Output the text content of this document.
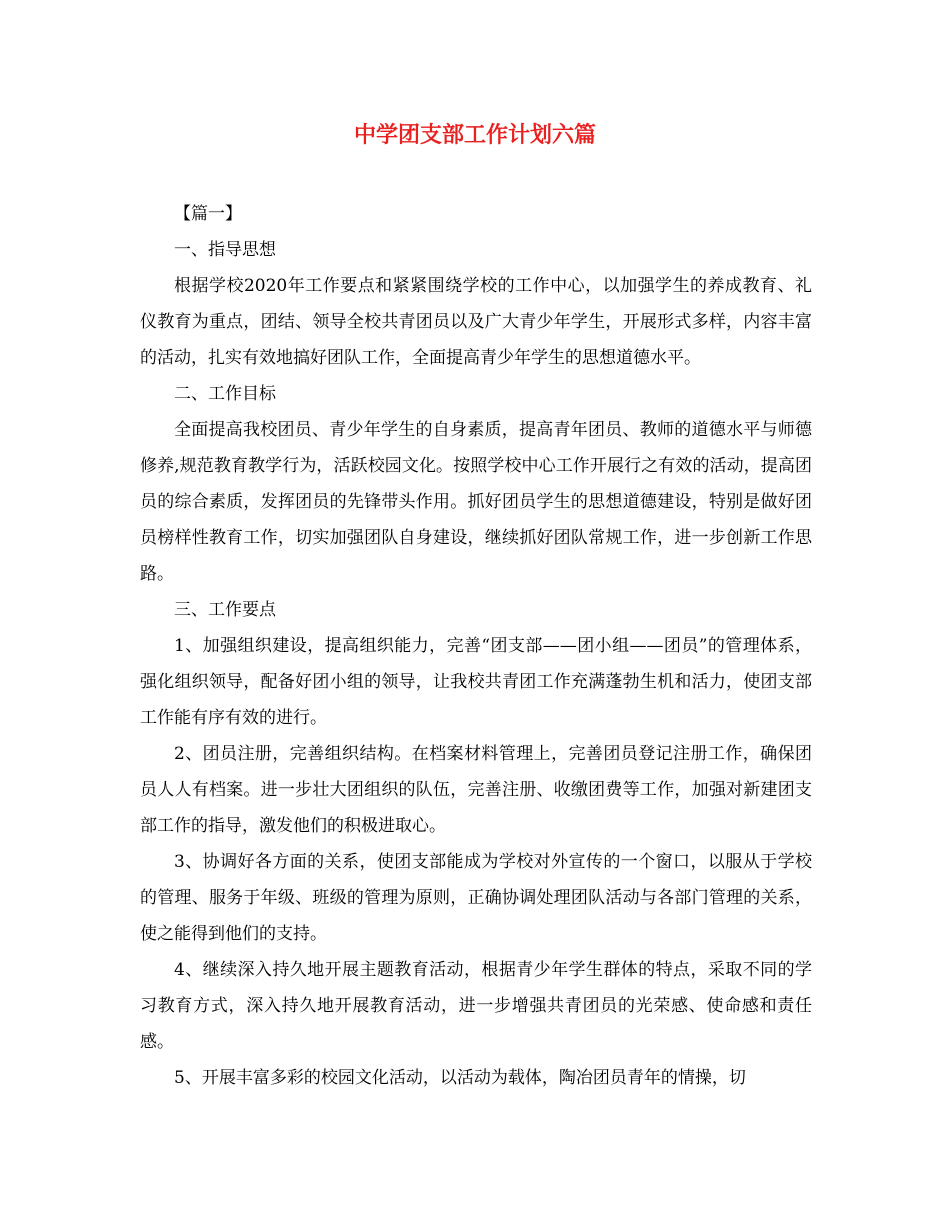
中学团支部工作计划六篇

【篇一】

一、指导思想

根据学校2020年工作要点和紧紧围绕学校的工作中心，以加强学生的养成教育、礼仪教育为重点，团结、领导全校共青团员以及广大青少年学生，开展形式多样，内容丰富的活动，扎实有效地搞好团队工作，全面提高青少年学生的思想道德水平。

二、工作目标

全面提高我校团员、青少年学生的自身素质，提高青年团员、教师的道德水平与师德修养,规范教育教学行为，活跃校园文化。按照学校中心工作开展行之有效的活动，提高团员的综合素质，发挥团员的先锋带头作用。抓好团员学生的思想道德建设，特别是做好团员榜样性教育工作，切实加强团队自身建设，继续抓好团队常规工作，进一步创新工作思路。

三、工作要点

1、加强组织建设，提高组织能力，完善“团支部——团小组——团员”的管理体系，强化组织领导，配备好团小组的领导，让我校共青团工作充满蓬勃生机和活力，使团支部工作能有序有效的进行。

2、团员注册，完善组织结构。在档案材料管理上，完善团员登记注册工作，确保团员人人有档案。进一步壮大团组织的队伍，完善注册、收缴团费等工作，加强对新建团支部工作的指导，激发他们的积极进取心。

3、协调好各方面的关系，使团支部能成为学校对外宣传的一个窗口，以服从于学校的管理、服务于年级、班级的管理为原则，正确协调处理团队活动与各部门管理的关系，使之能得到他们的支持。

4、继续深入持久地开展主题教育活动，根据青少年学生群体的特点，采取不同的学习教育方式，深入持久地开展教育活动，进一步增强共青团员的光荣感、使命感和责任感。

5、开展丰富多彩的校园文化活动，以活动为载体，陶冶团员青年的情操，切
